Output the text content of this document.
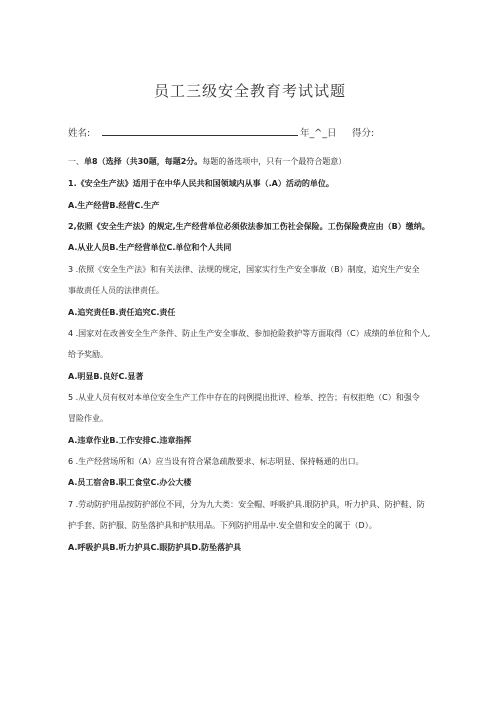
员工三级安全教育考试试题
姓名:	年_^_日 得分:
一、单8（选择（共30题，每题2分。每题的备选项中，只有一个最符合题意）
1.《安全生产法》适用于在中华人民共和国领域内从事（.A）活动的单位。
A.生产经营B.经营C.生产
2,依照《安全生产法》的规定,生产经营单位必须依法参加工伤社会保险。工伤保险费应由（B）缴纳。
A.从业人员B.生产经营单位C.单位和个人共同
3 .依照《安全生产法》和有关法律、法规的规定，国家实行生产安全事故（B）制度，追究生产安全
事故责任人员的法律责任。
A.追究责任B.责任追究C.责任
4 .国家对在改善安全生产条件、防止生产安全事故、参加抢险救护等方面取得（C）成绩的单位和个人,
给予奖励。
A.明显B.良好C.显著
5 .从业人员有权对本单位安全生产工作中存在的问例提出批评、检举、控告；有权拒绝（C）和强令
冒险作业。
A.违章作业B.工作安排C.违章指挥
6 .生产经营场所和（A）应当设有符合紧急疏散要求、标志明显、保持畅通的出口。
A.员工宿舍B.职工食堂C.办公大楼
7 .劳动防护用品按防护部位不同，分为九大类：安全帽、呼吸护具.眼防护具，听力护具、防护鞋、防
护手套、防护服、防坠落护具和护肤用品。下列防护用品中.安全借和安全的属于（D）。
A.呼吸护具B.听力护具C.眼防护具D.防坠落护具
